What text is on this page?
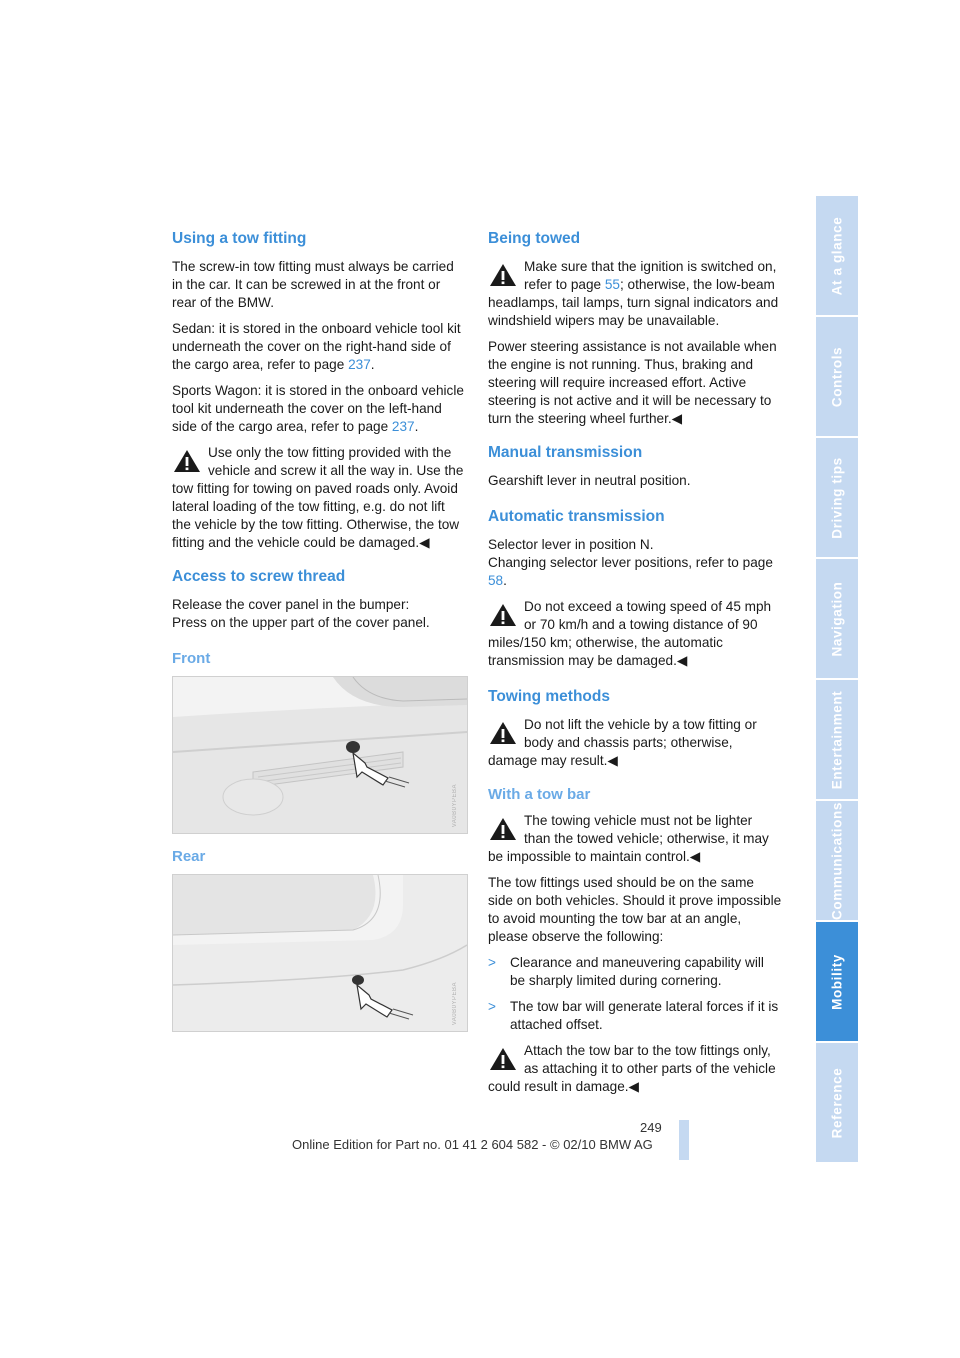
Using a tow fitting

The screw-in tow fitting must always be carried in the car. It can be screwed in at the front or rear of the BMW.

Sedan: it is stored in the onboard vehicle tool kit underneath the cover on the right-hand side of the cargo area, refer to page 237.

Sports Wagon: it is stored in the onboard vehicle tool kit underneath the cover on the left-hand side of the cargo area, refer to page 237.

Use only the tow fitting provided with the vehicle and screw it all the way in. Use the tow fitting for towing on paved roads only. Avoid lateral loading of the tow fitting, e.g. do not lift the vehicle by the tow fitting. Otherwise, the tow fitting and the vehicle could be damaged.◀
Access to screw thread

Release the cover panel in the bumper:

Press on the upper part of the cover panel.

Front
VA0B0YPEBA
Rear
VA0B0YPEBA
Being towed
Make sure that the ignition is switched on, refer to page 55; otherwise, the low-beam headlamps, tail lamps, turn signal indicators and windshield wipers may be unavailable.

Power steering assistance is not available when the engine is not running. Thus, braking and steering will require increased effort. Active steering is not active and it will be necessary to turn the steering wheel further.◀

Manual transmission

Gearshift lever in neutral position.

Automatic transmission

Selector lever in position N.

Changing selector lever positions, refer to page 58.

Do not exceed a towing speed of 45 mph or 70 km/h and a towing distance of 90 miles/150 km; otherwise, the automatic transmission may be damaged.◀
Towing methods
Do not lift the vehicle by a tow fitting or body and chassis parts; otherwise, damage may result.◀
With a tow bar
The towing vehicle must not be lighter than the towed vehicle; otherwise, it may be impossible to maintain control.◀

The tow fittings used should be on the same side on both vehicles. Should it prove impossible to avoid mounting the tow bar at an angle, please observe the following:

> Clearance and maneuvering capability will be sharply limited during cornering.
> The tow bar will generate lateral forces if it is attached offset.
Attach the tow bar to the tow fittings only, as attaching it to other parts of the vehicle could result in damage.◀
At a glance
Controls
Driving tips
Navigation
Entertainment
Communications
Mobility
Reference
249
Online Edition for Part no. 01 41 2 604 582 - © 02/10 BMW AG
